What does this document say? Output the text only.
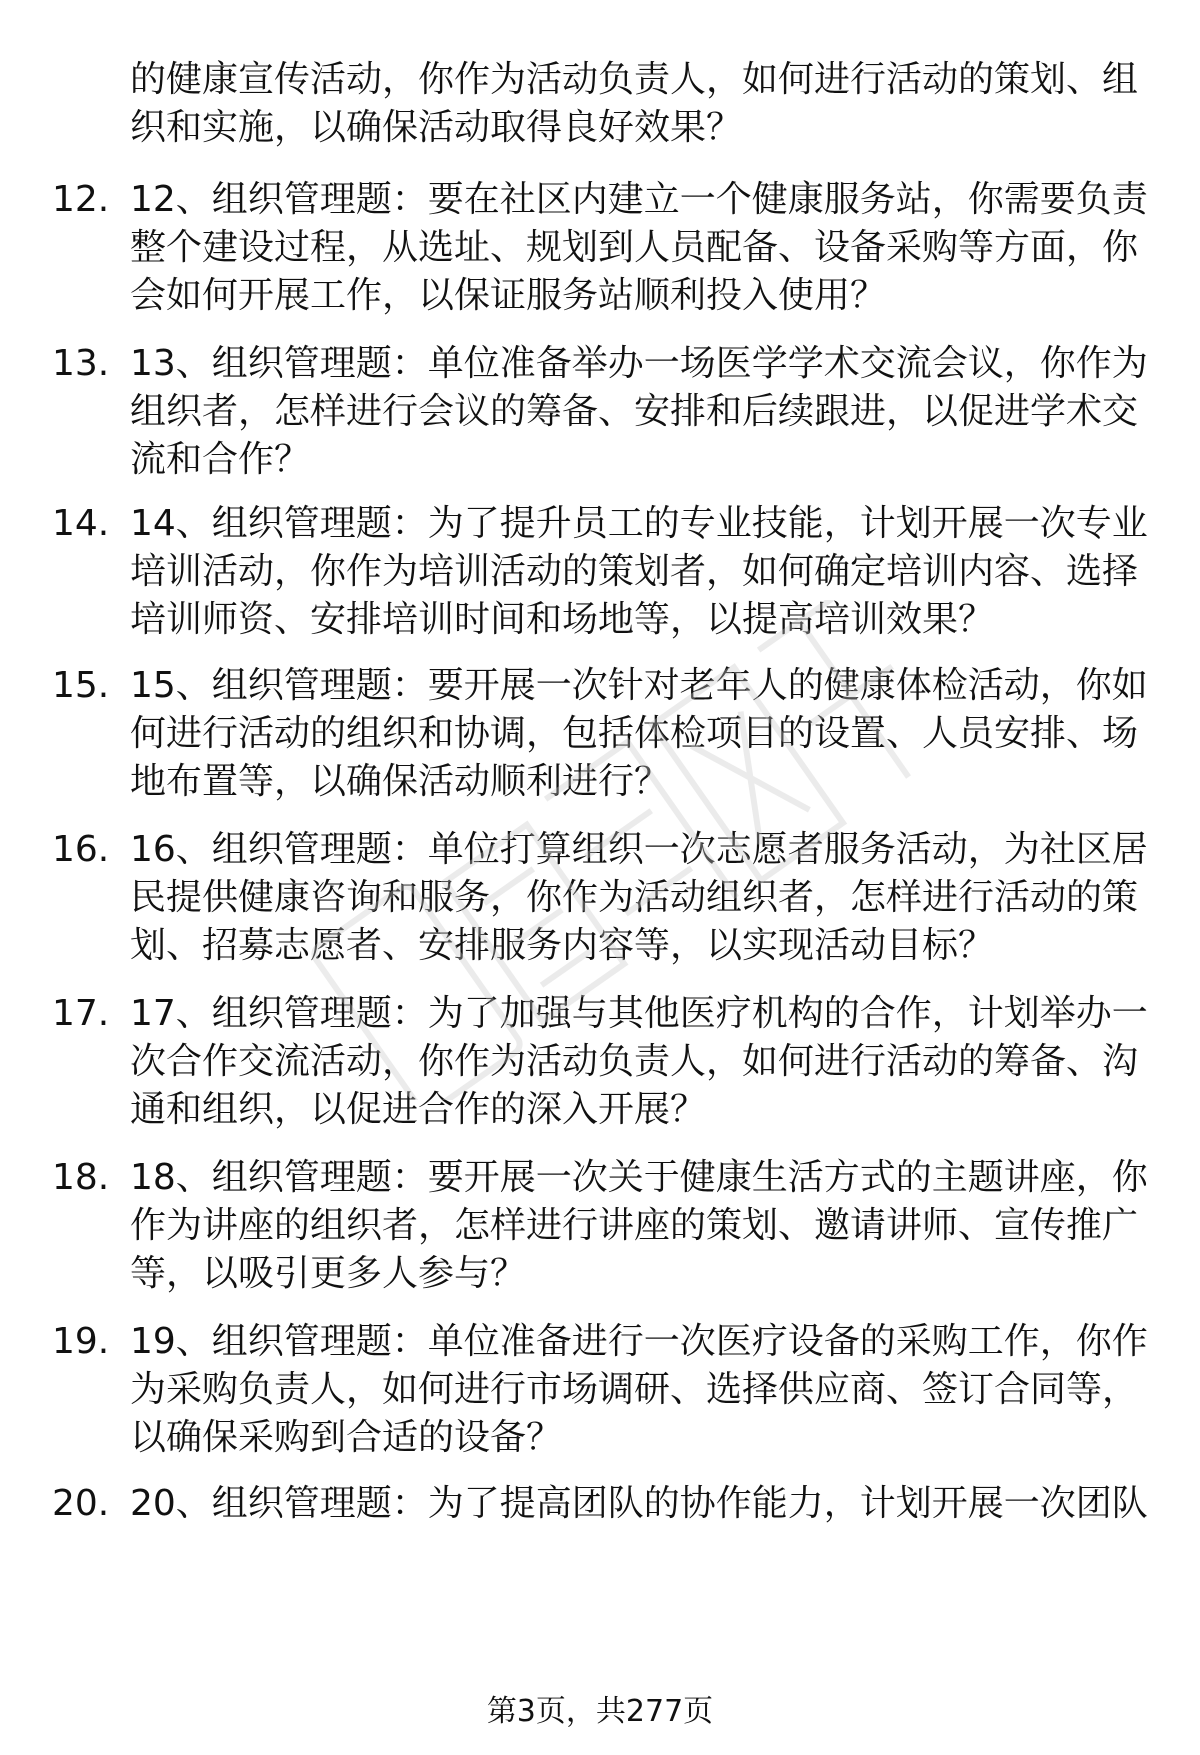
的健康宣传活动，你作为活动负责人，如何进行活动的策划、组织和实施，以确保活动取得良好效果？

12. 12、组织管理题：要在社区内建立一个健康服务站，你需要负责整个建设过程，从选址、规划到人员配备、设备采购等方面，你会如何开展工作，以保证服务站顺利投入使用？

13. 13、组织管理题：单位准备举办一场医学学术交流会议，你作为组织者，怎样进行会议的筹备、安排和后续跟进，以促进学术交流和合作？

14. 14、组织管理题：为了提升员工的专业技能，计划开展一次专业培训活动，你作为培训活动的策划者，如何确定培训内容、选择培训师资、安排培训时间和场地等，以提高培训效果？

15. 15、组织管理题：要开展一次针对老年人的健康体检活动，你如何进行活动的组织和协调，包括体检项目的设置、人员安排、场地布置等，以确保活动顺利进行？

16. 16、组织管理题：单位打算组织一次志愿者服务活动，为社区居民提供健康咨询和服务，你作为活动组织者，怎样进行活动的策划、招募志愿者、安排服务内容等，以实现活动目标？

17. 17、组织管理题：为了加强与其他医疗机构的合作，计划举办一次合作交流活动，你作为活动负责人，如何进行活动的筹备、沟通和组织，以促进合作的深入开展？

18. 18、组织管理题：要开展一次关于健康生活方式的主题讲座，你作为讲座的组织者，怎样进行讲座的策划、邀请讲师、宣传推广等，以吸引更多人参与？

19. 19、组织管理题：单位准备进行一次医疗设备的采购工作，你作为采购负责人，如何进行市场调研、选择供应商、签订合同等，以确保采购到合适的设备？

20. 20、组织管理题：为了提高团队的协作能力，计划开展一次团队

第3页，共277页
